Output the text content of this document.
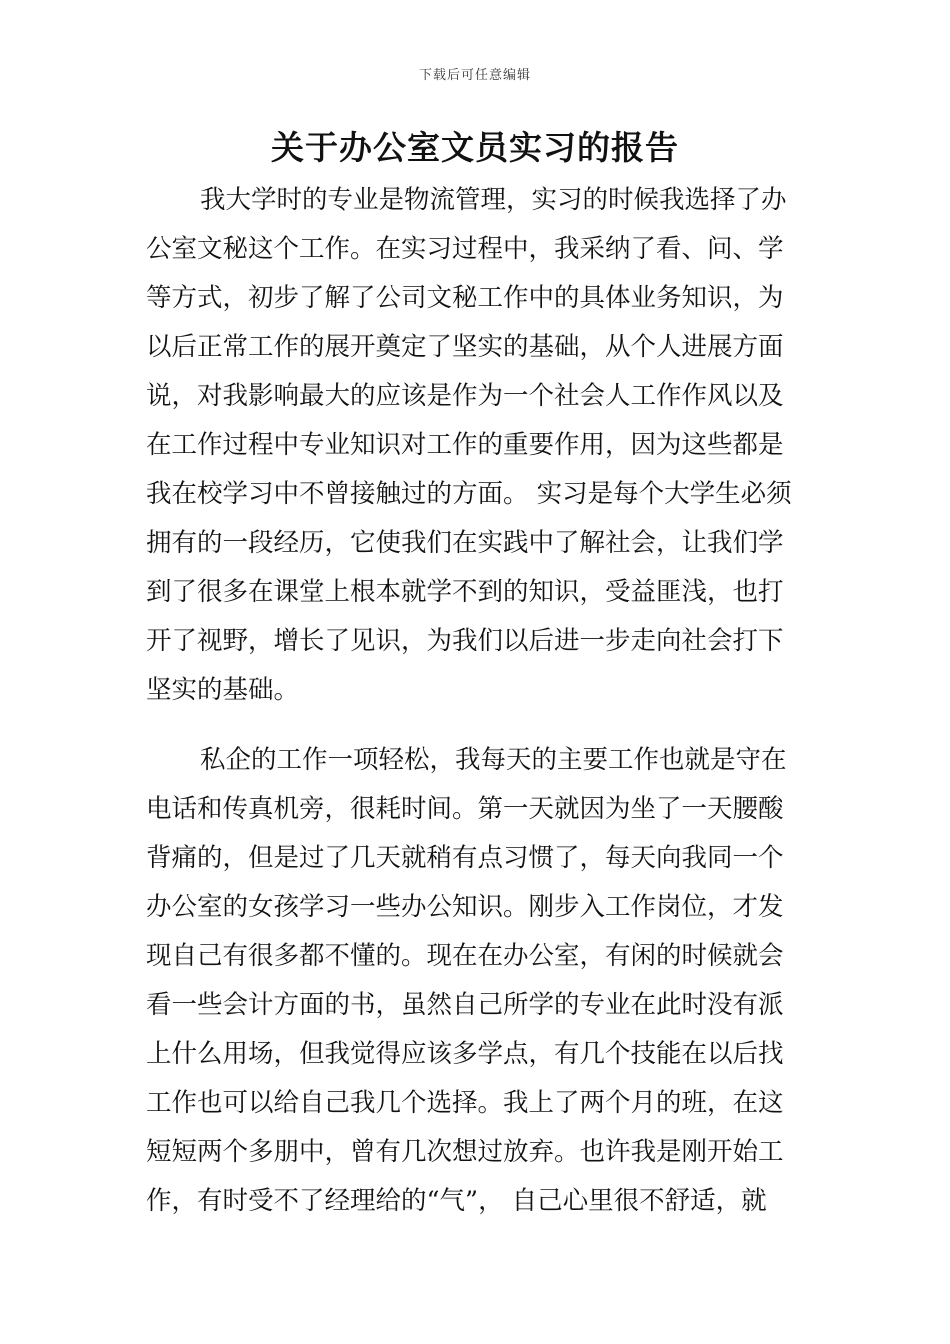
下载后可任意编辑
关于办公室文员实习的报告
我大学时的专业是物流管理，实习的时候我选择了办
公室文秘这个工作。在实习过程中，我采纳了看、问、学
等方式，初步了解了公司文秘工作中的具体业务知识，为
以后正常工作的展开奠定了坚实的基础，从个人进展方面
说，对我影响最大的应该是作为一个社会人工作作风以及
在工作过程中专业知识对工作的重要作用，因为这些都是
我在校学习中不曾接触过的方面。 实习是每个大学生必须
拥有的一段经历，它使我们在实践中了解社会，让我们学
到了很多在课堂上根本就学不到的知识，受益匪浅，也打
开了视野，增长了见识，为我们以后进一步走向社会打下
坚实的基础。
私企的工作一项轻松，我每天的主要工作也就是守在
电话和传真机旁，很耗时间。第一天就因为坐了一天腰酸
背痛的，但是过了几天就稍有点习惯了，每天向我同一个
办公室的女孩学习一些办公知识。刚步入工作岗位，才发
现自己有很多都不懂的。现在在办公室，有闲的时候就会
看一些会计方面的书，虽然自己所学的专业在此时没有派
上什么用场，但我觉得应该多学点，有几个技能在以后找
工作也可以给自己我几个选择。我上了两个月的班，在这
短短两个多朋中，曾有几次想过放弃。也许我是刚开始工
作，有时受不了经理给的“气”， 自己心里很不舒适，就
